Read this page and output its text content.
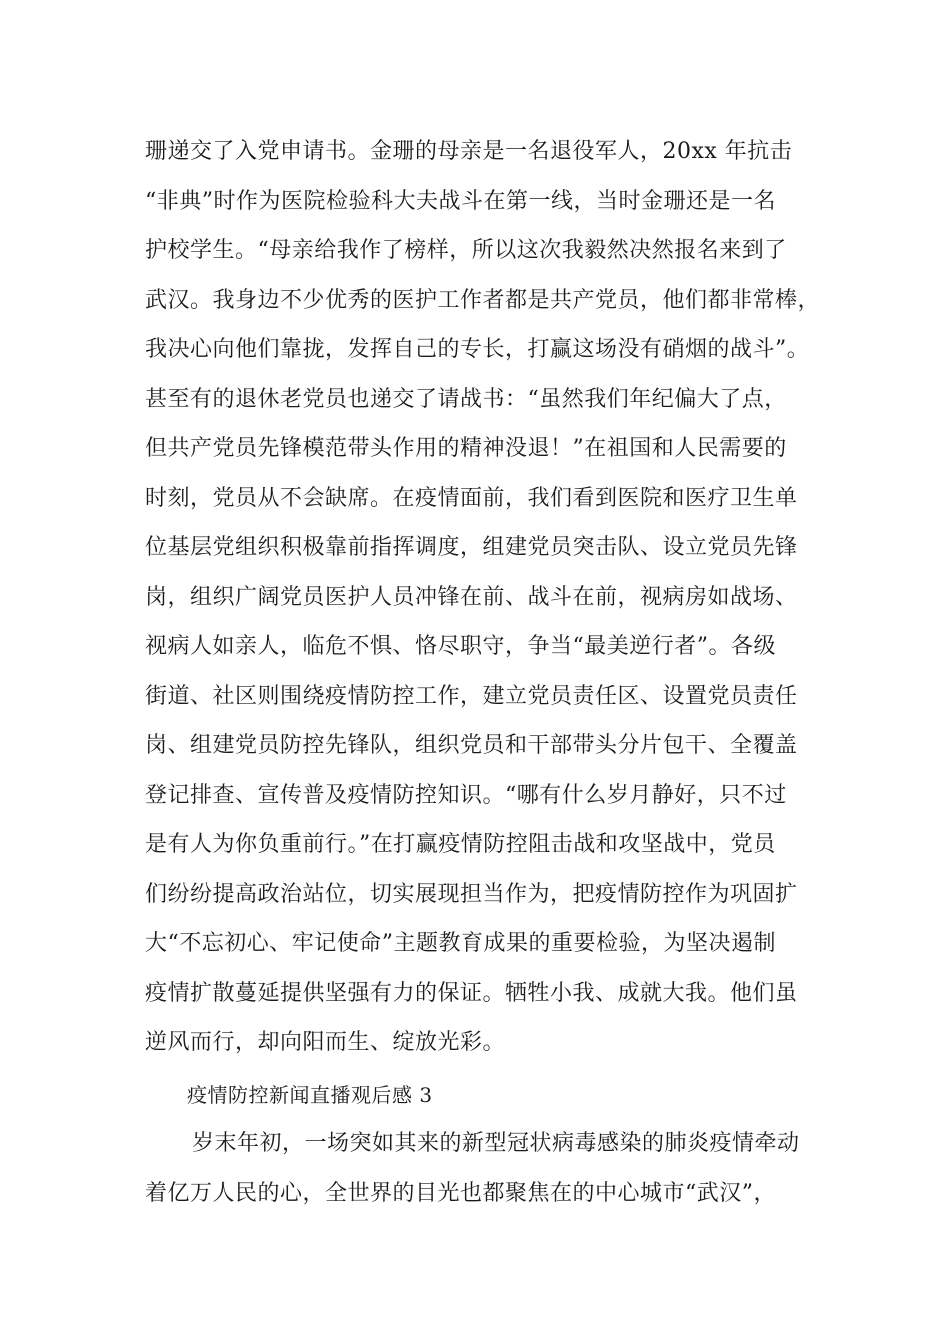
珊递交了入党申请书。金珊的母亲是一名退役军人，20xx 年抗击
“非典”时作为医院检验科大夫战斗在第一线，当时金珊还是一名
护校学生。“母亲给我作了榜样，所以这次我毅然决然报名来到了
武汉。我身边不少优秀的医护工作者都是共产党员，他们都非常棒，
我决心向他们靠拢，发挥自己的专长，打赢这场没有硝烟的战斗”。
甚至有的退休老党员也递交了请战书：“虽然我们年纪偏大了点，
但共产党员先锋模范带头作用的精神没退！”在祖国和人民需要的
时刻，党员从不会缺席。在疫情面前，我们看到医院和医疗卫生单
位基层党组织积极靠前指挥调度，组建党员突击队、设立党员先锋
岗，组织广阔党员医护人员冲锋在前、战斗在前，视病房如战场、
视病人如亲人，临危不惧、恪尽职守，争当“最美逆行者”。各级
街道、社区则围绕疫情防控工作，建立党员责任区、设置党员责任
岗、组建党员防控先锋队，组织党员和干部带头分片包干、全覆盖
登记排查、宣传普及疫情防控知识。“哪有什么岁月静好，只不过
是有人为你负重前行。”在打赢疫情防控阻击战和攻坚战中，党员
们纷纷提高政治站位，切实展现担当作为，把疫情防控作为巩固扩
大“不忘初心、牢记使命”主题教育成果的重要检验，为坚决遏制
疫情扩散蔓延提供坚强有力的保证。牺牲小我、成就大我。他们虽
逆风而行，却向阳而生、绽放光彩。
疫情防控新闻直播观后感 3
岁末年初，一场突如其来的新型冠状病毒感染的肺炎疫情牵动
着亿万人民的心，全世界的目光也都聚焦在的中心城市“武汉”，
